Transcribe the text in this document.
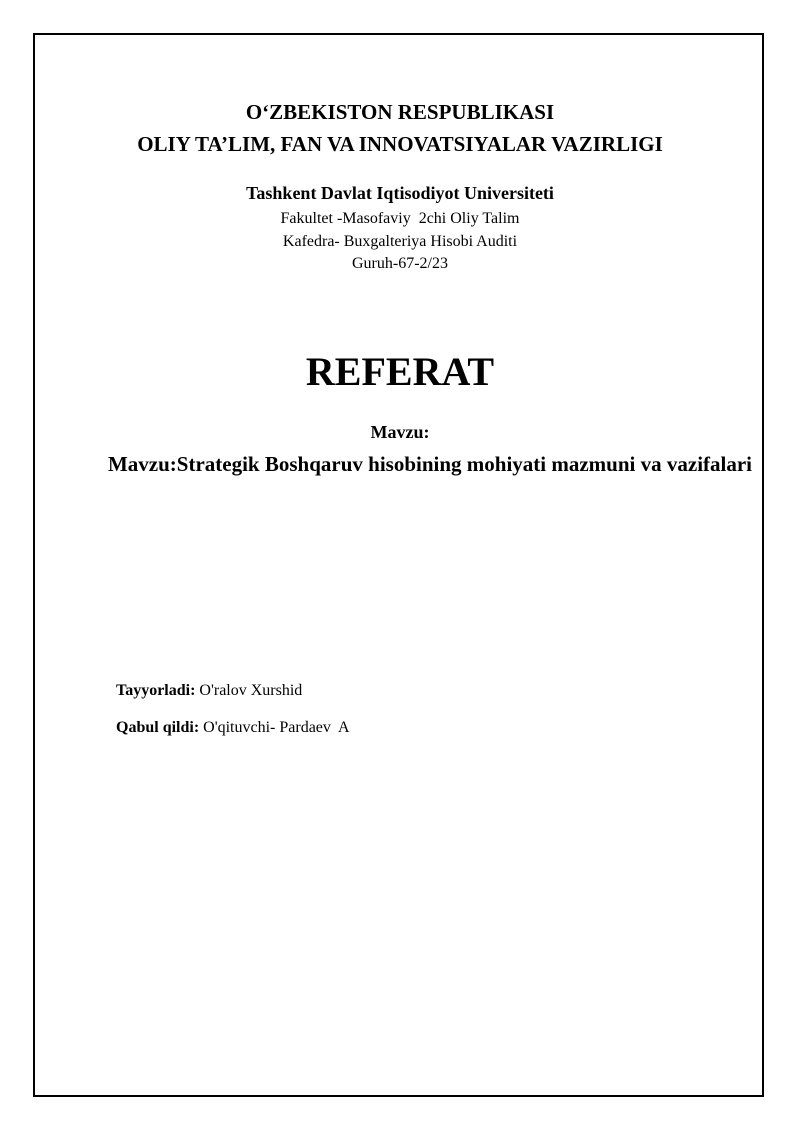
O‘ZBEKISTON RESPUBLIKASI
OLIY TA’LIM, FAN VA INNOVATSIYALAR VAZIRLIGI
Tashkent Davlat Iqtisodiyot Universiteti
Fakultet -Masofaviy  2chi Oliy Talim
Kafedra- Buxgalteriya Hisobi Auditi
Guruh-67-2/23
REFERAT
Mavzu:
Mavzu:Strategik Boshqaruv hisobining mohiyati mazmuni va vazifalari
Tayyorladi: O'ralov Xurshid
Qabul qildi: O'qituvchi- Pardaev  A
